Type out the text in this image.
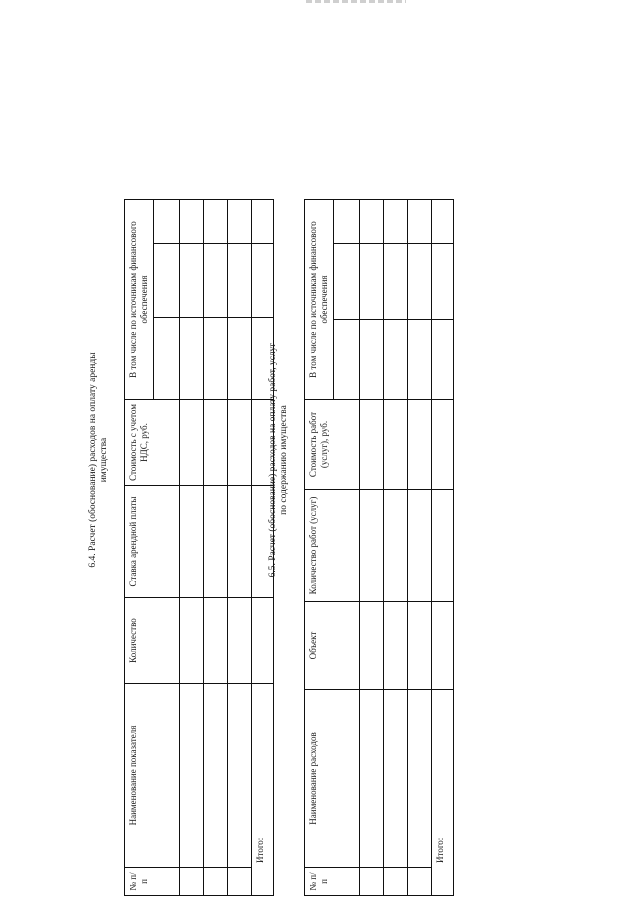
6.4. Расчет (обоснование) расходов на оплату аренды имущества
№ п/п	Наименование показателя	Количество	Ставка арендной платы	Стоимость с учетом НДС, руб.	В том числе по источникам финансового обеспечения		

Итого:							
6.5. Расчет (обоснование) расходов на оплату работ, услуг по содержанию имущества
№ п/п	Наименование расходов	Объект	Количество работ (услуг)	Стоимость работ (услуг), руб.	В том числе по источникам финансового обеспечения		

Итого:							
